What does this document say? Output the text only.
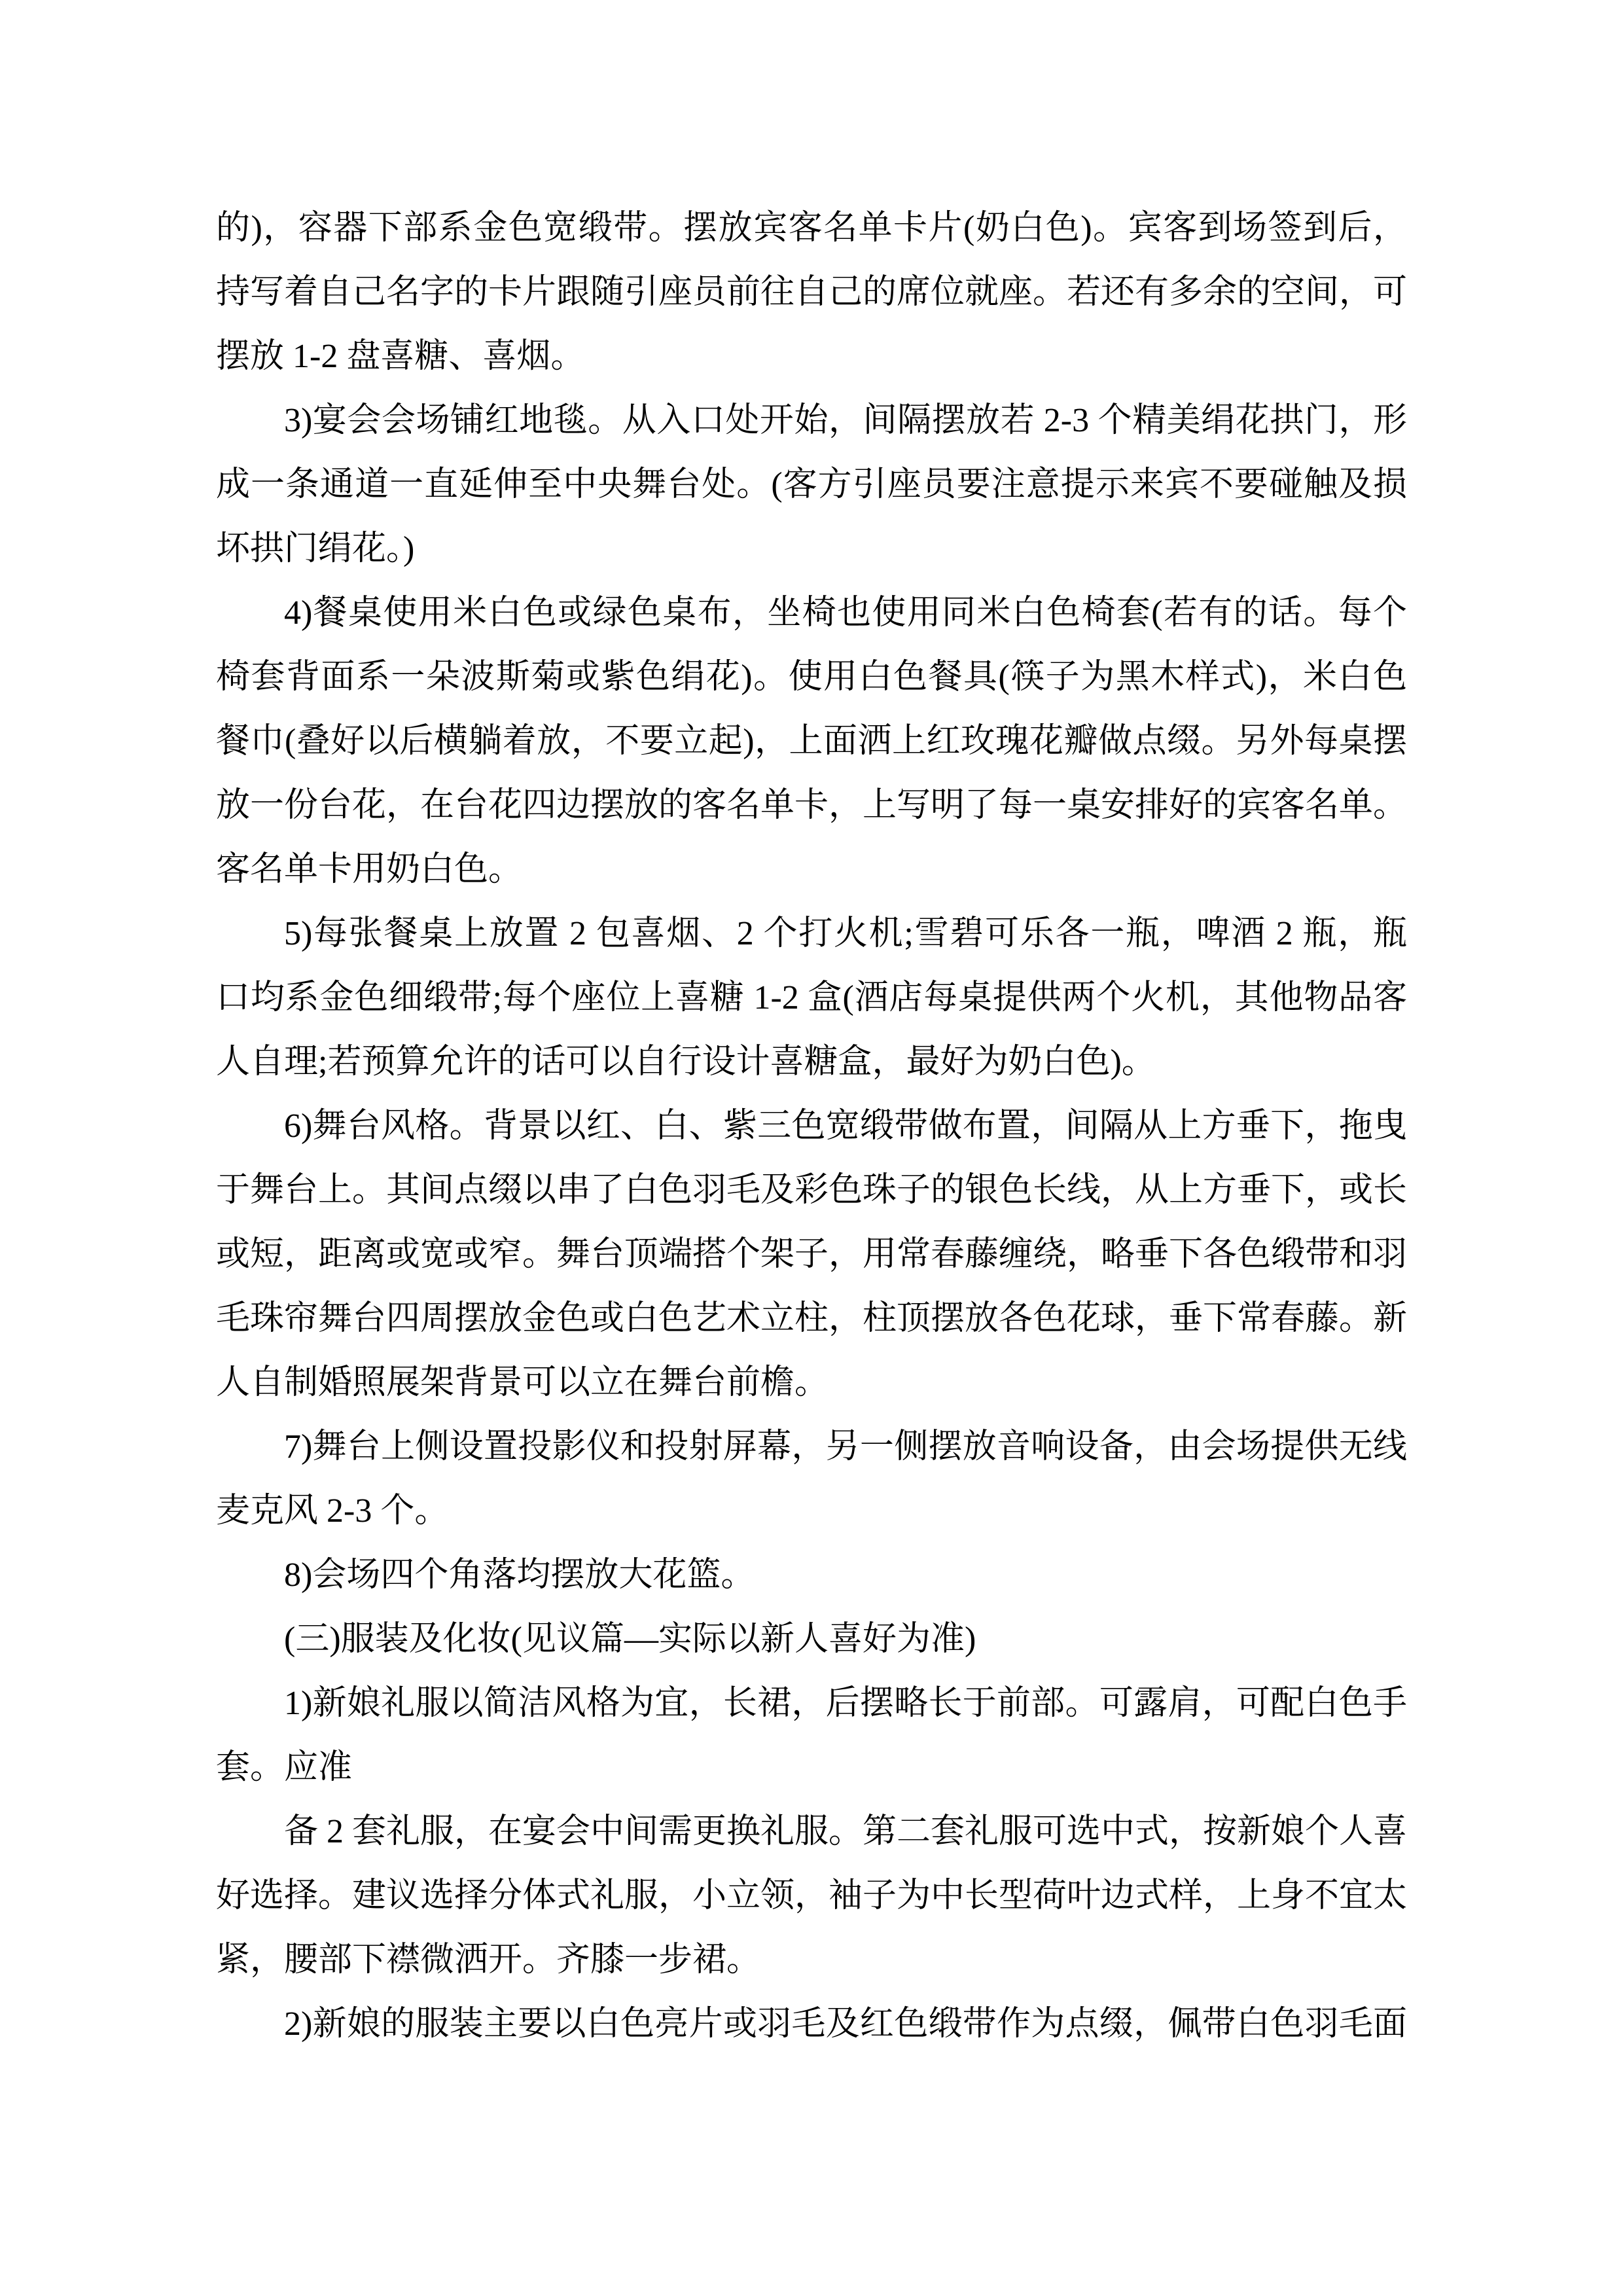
的)，容器下部系金色宽缎带。摆放宾客名单卡片(奶白色)。宾客到场签到后，
持写着自己名字的卡片跟随引座员前往自己的席位就座。若还有多余的空间，可
摆放 1-2 盘喜糖、喜烟。
3)宴会会场铺红地毯。从入口处开始，间隔摆放若 2-3 个精美绢花拱门，形
成一条通道一直延伸至中央舞台处。(客方引座员要注意提示来宾不要碰触及损
坏拱门绢花。)
4)餐桌使用米白色或绿色桌布，坐椅也使用同米白色椅套(若有的话。每个
椅套背面系一朵波斯菊或紫色绢花)。使用白色餐具(筷子为黑木样式)，米白色
餐巾(叠好以后横躺着放，不要立起)，上面洒上红玫瑰花瓣做点缀。另外每桌摆
放一份台花，在台花四边摆放的客名单卡，上写明了每一桌安排好的宾客名单。
客名单卡用奶白色。
5)每张餐桌上放置 2 包喜烟、2 个打火机;雪碧可乐各一瓶，啤酒 2 瓶，瓶
口均系金色细缎带;每个座位上喜糖 1-2 盒(酒店每桌提供两个火机，其他物品客
人自理;若预算允许的话可以自行设计喜糖盒，最好为奶白色)。
6)舞台风格。背景以红、白、紫三色宽缎带做布置，间隔从上方垂下，拖曳
于舞台上。其间点缀以串了白色羽毛及彩色珠子的银色长线，从上方垂下，或长
或短，距离或宽或窄。舞台顶端搭个架子，用常春藤缠绕，略垂下各色缎带和羽
毛珠帘舞台四周摆放金色或白色艺术立柱，柱顶摆放各色花球，垂下常春藤。新
人自制婚照展架背景可以立在舞台前檐。
7)舞台上侧设置投影仪和投射屏幕，另一侧摆放音响设备，由会场提供无线
麦克风 2-3 个。
8)会场四个角落均摆放大花篮。
(三)服装及化妆(见议篇—实际以新人喜好为准)
1)新娘礼服以简洁风格为宜，长裙，后摆略长于前部。可露肩，可配白色手
套。应准
备 2 套礼服，在宴会中间需更换礼服。第二套礼服可选中式，按新娘个人喜
好选择。建议选择分体式礼服，小立领，袖子为中长型荷叶边式样，上身不宜太
紧，腰部下襟微洒开。齐膝一步裙。
2)新娘的服装主要以白色亮片或羽毛及红色缎带作为点缀，佩带白色羽毛面
